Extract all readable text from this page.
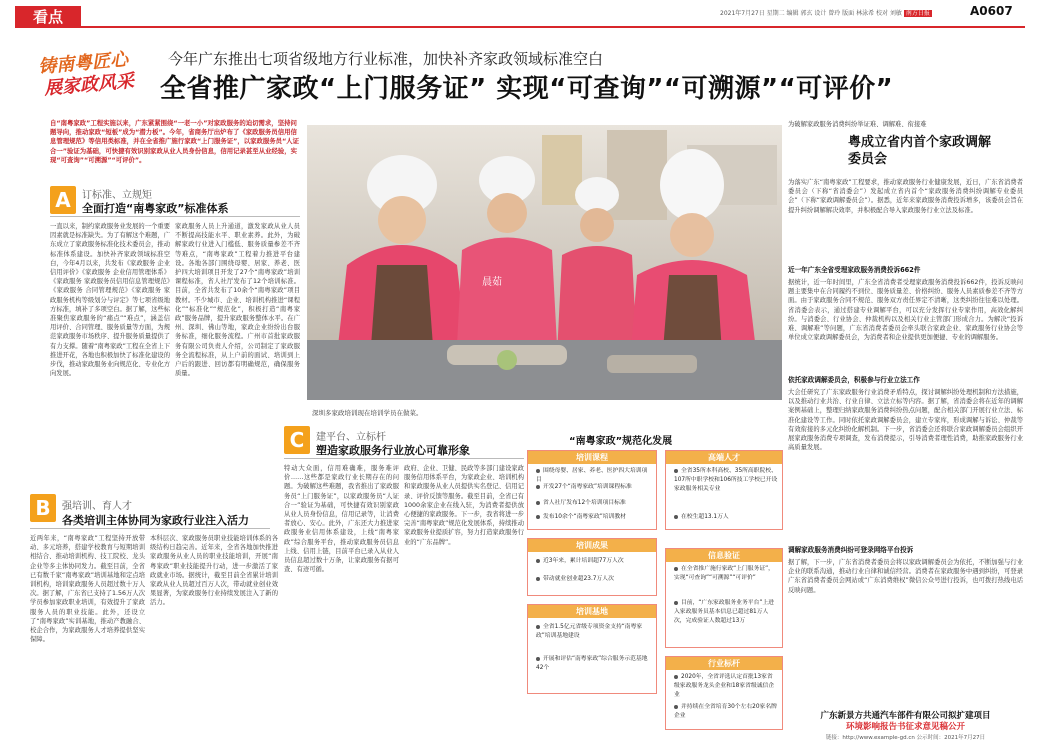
看点	2021年7月27日 星期二 编辑 郭玄 设计 曾玲 版面 林泳希 校对 刘敏 南方日报	A0607
铸南粤匠心
展家政风采
今年广东推出七项省级地方行业标准，加快补齐家政领域标准空白
全省推广家政“上门服务证” 实现“可查询”“可溯源”“可评价”
自“南粤家政”工程实施以来，广东紧紧围绕“一老一小”对家政服务的迫切需求，坚持问题导向，推动家政“短板”成为“潜力板”。今年，省商务厅出炉布了《家政服务员信用信息管理规范》等信用类标准，并在全省推广施行家政“上门服务证”，以家政服务员“人证合一”验证为基础，可快捷有效识别家政从业人员身份信息，信用记录甚至从业经验，实现“可查询”“可溯源”“可评价”。
A	订标准、立规矩
全面打造“南粤家政”标准体系
一直以来，制约家政服务业发展的一个重要因素就是标准缺失。为了有解这个难题，广东成立了家政服务标准化技术委员会，推动标准体系建设。加快补齐家政领域标准空白，今年4月以来，共发布《家政服务 企业信用评价》《家政服务 企业信用管理体系》《家政服务 家政服务员信用信息管理规范》《家政服务 合同管理规范》《家政服务 家政服务机构等级划分与评定》等七项省级地方标准，填补了多项空白。据了解，这些标准聚焦家政服务的“痛点”“难点”，涵盖信用评价、合同管理、服务质量等方面，为规范家政服务市场秩序、提升服务质量提供了有力支撑。随着“南粤家政”工程在全省上下推进开花，各地也积极加快了标准化建设的步伐，推动家政服务业向规范化、专业化方向发展。
家政服务人员上升通道，激发家政从业人员不断提高技能水平、职业素养。此外，为破解家政行业进入门槛低、服务质量参差不齐等难点，“南粤家政”工程着力推进平台建设。各地各部门围绕母婴、居家、养老、医护四大培训项目开发了27个“南粤家政”培训课程标准，省人社厅发布了12个培训标准。目前，全省共发布了10余个“南粤家政”项目教材。不少城市、企业、培训机构推进“课程化”“标准化”“规范化”，积极打造“南粤家政”服务品牌，提升家政服务整体水平。在广州、深圳、佛山等地，家政企业纷纷出台服务标准，细化服务流程。广州市首批家政服务有限公司负责人介绍，公司制定了家政服务全流程标准，从上户前的面试、培训到上户后的跟进、回访都有明确规范，确保服务质量。
B	强培训、育人才
各类培训主体协同为家政行业注入活力
近两年来，“南粤家政”工程坚持开放带动、多元培养，搭建学校教育与短期培训相结合、推动培训机构、技工院校、龙头企业等多主体协同发力。截至目前，全省已有数千家“南粤家政”培训基地和定点培训机构，培训家政服务人员超过数十万人次。据了解，广东省已支持了1.56万人次学员参加家政职业培训，有效提升了家政服务人员的职业技能。此外，还设立了“南粤家政”实训基地，推动产教融合、校企合作，为家政服务人才培养提供坚实保障。
本科层次、家政服务员职业技能培训体系的各级结构日趋完善。近年来，全省各地加快推进家政服务从业人员的职业技能培训，开展“南粤家政”职业技能提升行动，进一步激活了家政就业市场。据统计，截至目前全省累计培训家政从业人员超过百万人次，带动就业创业效果显著，为家政服务行业持续发展注入了新的活力。
C	建平台、立标杆
塑造家政服务行业放心可靠形象
特动大众面，信用难确难，服务难评价……这些都是家政行业长期存在的问题。为破解这些难题，我省推出了家政服务员“上门服务证”，以家政服务员“人证合一”验证为基础，可快捷有效识别家政从业人员身份信息，信用记录等，让消费者放心、安心。此外，广东还大力推进家政服务业信用体系建设，上线“南粤家政”综合服务平台，推动家政服务员信息上线、信用上链，目前平台已录入从业人员信息超过数十万条，让家政服务有据可查、有迹可循。
政府、企业、卫健、民政等多部门建设家政服务信用体系平台，为家政企业、培训机构和家政服务从业人员提供实名登记、信用记录、评价反馈等服务。截至目前，全省已有1000余家企业在线入驻，为消费者提供放心便捷的家政服务。下一步，我省将进一步完善“南粤家政”规范化发展体系，持续推动家政服务业提质扩容，努力打造家政服务行业的“广东品牌”。
晨茹
深圳多家政培训现在培训学员在做菜。
“南粤家政”规范化发展
培训课程
围绕母婴、居家、养老、医护四大培训项目
开发27个“南粤家政”培训课程标准
省人社厅发布12个培训项目标准
发布10余个“南粤家政”培训教材
高端人才
全省35所本科高校、35所高职院校、107所中职学校和106所技工学校已开设家政服务相关专业
在校生超13.1万人
培训成果
近3年来，累计培训超77万人次
带动就业创业超23.7万人次
信息验证
在全省推广施行家政“上门服务证”，实现“可查询”“可溯源”“可评价”
目前，“广东家政服务业务平台”上进入家政服务员基本信息已超过81万人次，完成验证人数超过13万
培训基地
全省1.5亿元省级专项资金支持“南粤家政”培训基地建设
开展和评估“南粤家政”综合服务示范基地42个	行业标杆
2020年，全省评选认定首批13家省级家政服务龙头企业和18家省级诚信企业
并持续在全省培育30个左右20家名牌企业
为破解家政服务消费纠纷举证难、调解难、衔接难
粤成立省内首个家政调解委员会
为落实广东“南粤家政”工程要求，推动家政服务行业健康发展，近日，广东省消费者委员会（下称“省消委会”）发起成立省内首个“家政服务消费纠纷调解专业委员会”（下称“家政调解委员会”）。据悉，近年来家政服务消费投诉增多，该委员会旨在提升纠纷调解解决效率，并积极配合导入家政服务行业立法及标准。
近一年广东全省受理家政服务消费投诉662件
据统计，近一年时间里，广东全省消费者受理家政服务消费投诉662件，投诉反映问题主要集中在合同履约不到位、服务质量差、价格纠纷、服务人员素质参差不齐等方面。由于家政服务合同不规范、服务双方责任界定不清晰，这类纠纷往往难以处理。省消委会表示，通过搭建专业调解平台，可以充分发挥行业专家作用，高效化解纠纷。与消委会、行业协会、仲裁机构以及相关行业主管部门形成合力。为解决“投诉难、调解难”等问题，广东省消费者委员会牵头联合家政企业、家政服务行业协会等单位成立家政调解委员会，为消费者和企业提供更加便捷、专业的调解服务。
依托家政调解委员会，积极参与行业立法工作
大会任研究了广东家政服务行业消费矛盾特点，探讨调解纠纷处理机制和方法措施，以及推动行业共治、行业自律、立法立标等内容。据了解，省消委会将在近年的调解案例基础上，整理归纳家政服务消费纠纷热点问题，配合相关部门开展行业立法、标准化建设等工作。同时依托家政调解委员会，建立专家库，形成调解与诉讼、仲裁等有效衔接的多元化纠纷化解机制。下一步，省消委会还将联合家政调解委员会组织开展家政服务消费专项调查，发布消费提示，引导消费者理性消费，助推家政服务行业高质量发展。
调解家政服务消费纠纷可登录网络平台投诉
据了解，下一步，广东省消费者委员会将以家政调解委员会为依托，不断加强与行业企业的联系沟通，推动行业自律和诚信经营。消费者在家政服务中遇到纠纷，可登录广东省消费者委员会网站或“广东消费维权”微信公众号进行投诉，也可拨打热线电话反映问题。
广东新景方共通汽车部件有限公司拟扩建项目
环境影响报告书征求意见稿公开
链接：http://www.example-gd.cn 公示时间：2021年7月27日
